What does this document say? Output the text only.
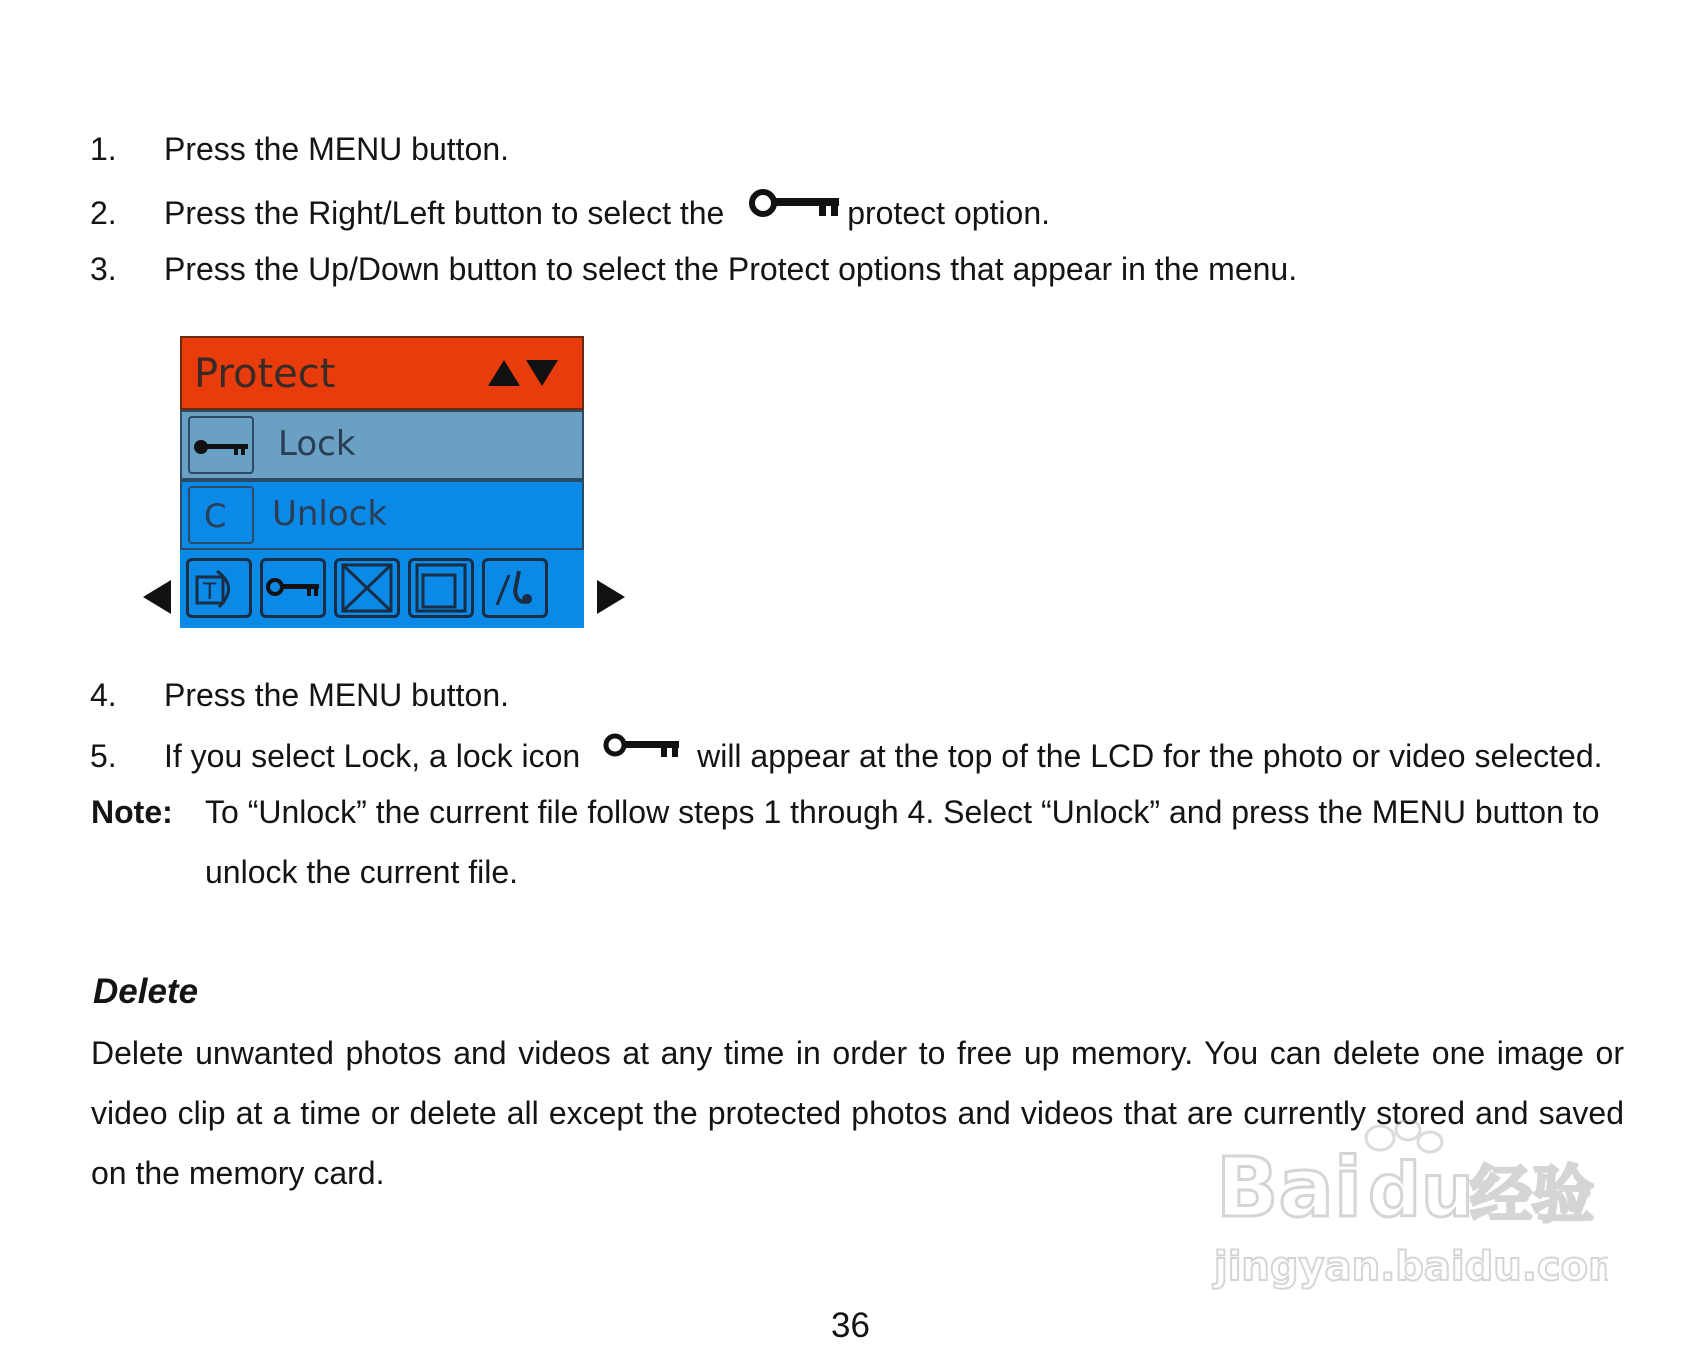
1. Press the MENU button.
2. Press the Right/Left button to select the	protect option.
3. Press the Up/Down button to select the Protect options that appear in the menu.
Protect
Lock
C Unlock
T
4. Press the MENU button.
5. If you select Lock, a lock icon	will appear at the top of the LCD for the photo or video selected.
Note: To “Unlock” the current file follow steps 1 through 4. Select “Unlock” and press the MENU button to
unlock the current file.
Delete
Delete unwanted photos and videos at any time in order to free up memory. You can delete one image or
video clip at a time or delete all except the protected photos and videos that are currently stored and saved
on the memory card.	Bai du
经验
jingyan.baidu.com
36
